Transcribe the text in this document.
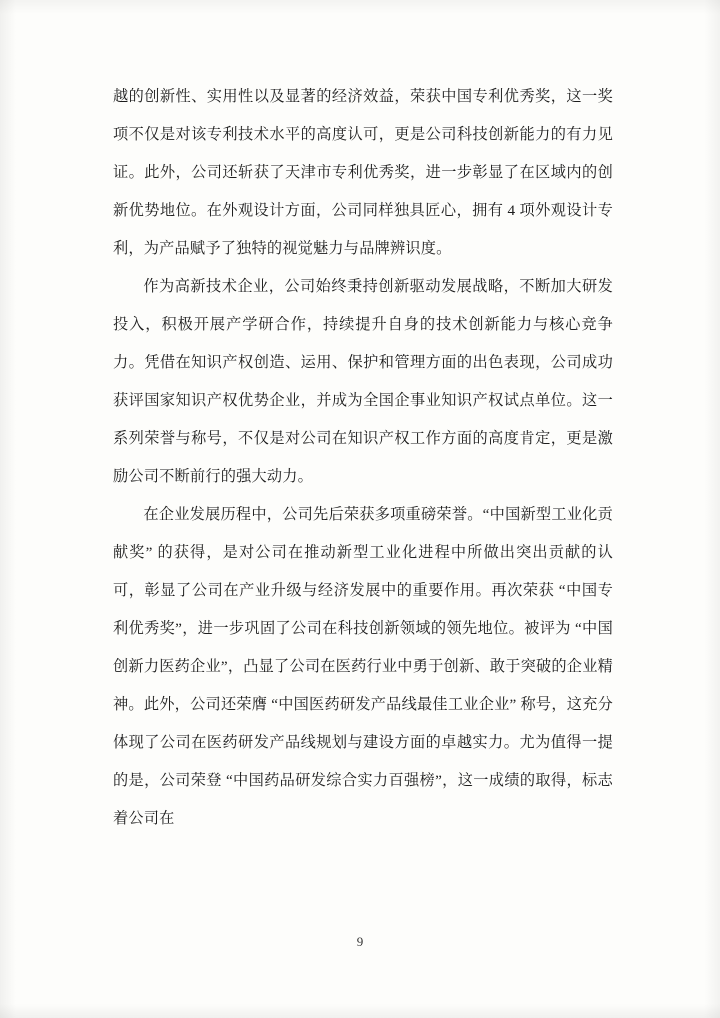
越的创新性、实用性以及显著的经济效益，荣获中国专利优秀奖，这一奖项不仅是对该专利技术水平的高度认可，更是公司科技创新能力的有力见证。此外，公司还斩获了天津市专利优秀奖，进一步彰显了在区域内的创新优势地位。在外观设计方面，公司同样独具匠心，拥有 4 项外观设计专利，为产品赋予了独特的视觉魅力与品牌辨识度。

作为高新技术企业，公司始终秉持创新驱动发展战略，不断加大研发投入，积极开展产学研合作，持续提升自身的技术创新能力与核心竞争力。凭借在知识产权创造、运用、保护和管理方面的出色表现，公司成功获评国家知识产权优势企业，并成为全国企事业知识产权试点单位。这一系列荣誉与称号，不仅是对公司在知识产权工作方面的高度肯定，更是激励公司不断前行的强大动力。

在企业发展历程中，公司先后荣获多项重磅荣誉。“中国新型工业化贡献奖” 的获得，是对公司在推动新型工业化进程中所做出突出贡献的认可，彰显了公司在产业升级与经济发展中的重要作用。再次荣获 “中国专利优秀奖”，进一步巩固了公司在科技创新领域的领先地位。被评为 “中国创新力医药企业”，凸显了公司在医药行业中勇于创新、敢于突破的企业精神。此外，公司还荣膺 “中国医药研发产品线最佳工业企业” 称号，这充分体现了公司在医药研发产品线规划与建设方面的卓越实力。尤为值得一提的是，公司荣登 “中国药品研发综合实力百强榜”，这一成绩的取得，标志着公司在

9
